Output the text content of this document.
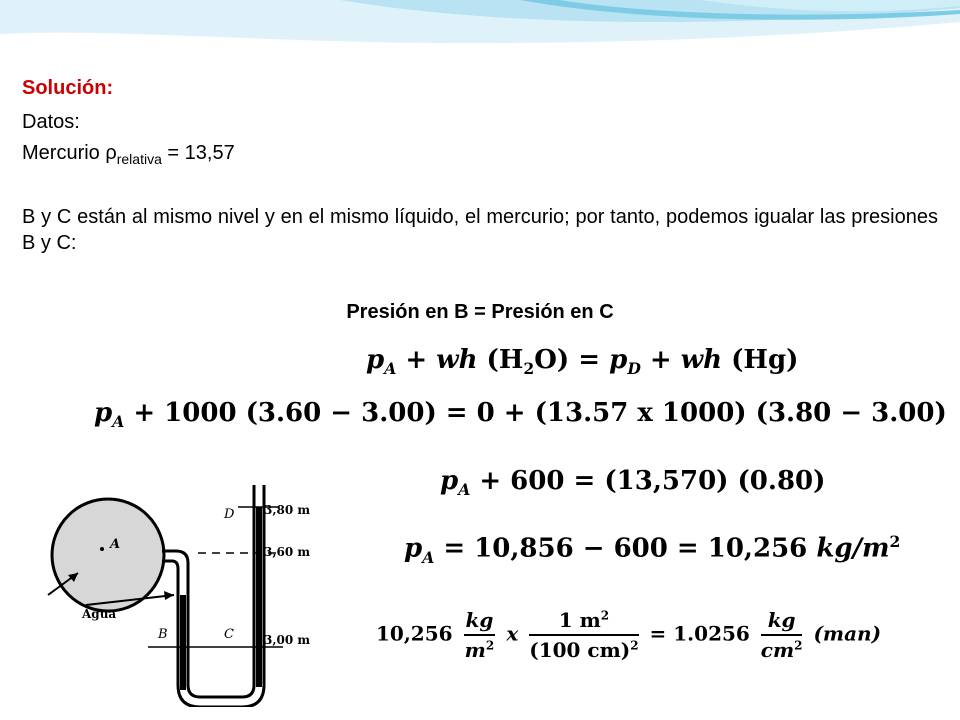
Solución:
Datos:
Mercurio $\rho_{relativa} = 13,57$
B y C están al mismo nivel y en el mismo líquido, el mercurio; por tanto, podemos igualar las presiones B y C:
Presión en B = Presión en C
$p_A$ + wh $(H_2O) = p_D$ + wh (Hg)
$p_A + 1000$ (3.60 − 3.00) = 0 + (13.57 x 1000) (3.80 − 3.00)
A
D
B	C
Agua
3,80 m
3,60 m
3,00 m
$p_A + 600 = (13,570)$ (0.80)
$p_A = 10,856 - 600 = 10,256$ $kg/m^2$
$10,256 \frac{kg}{m^2}$ x $\frac{1 m^2}{(100 cm)^2} = 1.0256 \frac{kg}{cm^2} (man)$
